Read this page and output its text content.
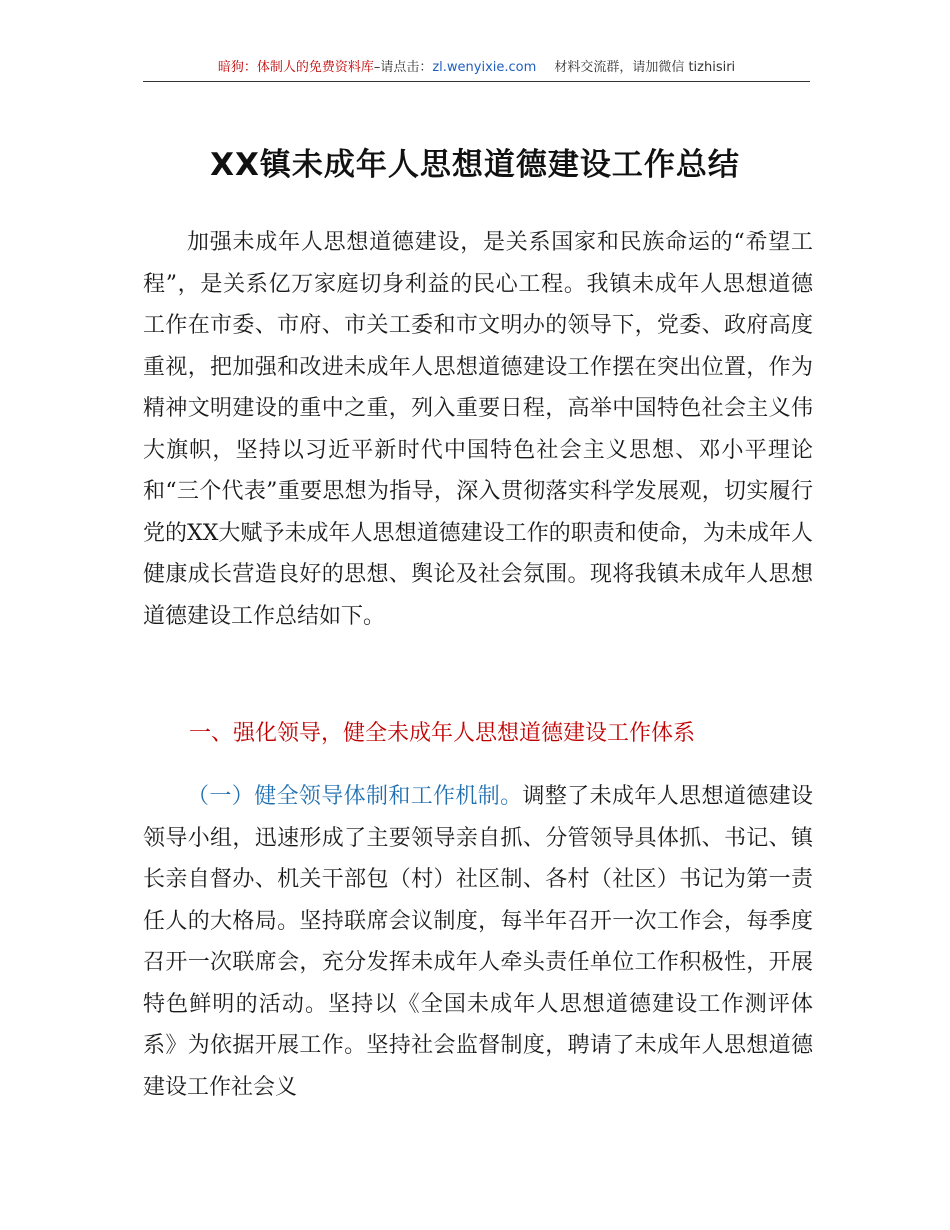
暗狗：体制人的免费资料库–请点击：zl.wenyixie.com 材料交流群，请加微信 tizhisiri
XX镇未成年人思想道德建设工作总结

加强未成年人思想道德建设，是关系国家和民族命运的“希望工程”，是关系亿万家庭切身利益的民心工程。我镇未成年人思想道德工作在市委、市府、市关工委和市文明办的领导下，党委、政府高度重视，把加强和改进未成年人思想道德建设工作摆在突出位置，作为精神文明建设的重中之重，列入重要日程，高举中国特色社会主义伟大旗帜，坚持以习近平新时代中国特色社会主义思想、邓小平理论和“三个代表”重要思想为指导，深入贯彻落实科学发展观，切实履行党的XX大赋予未成年人思想道德建设工作的职责和使命，为未成年人健康成长营造良好的思想、舆论及社会氛围。现将我镇未成年人思想道德建设工作总结如下。

一、强化领导，健全未成年人思想道德建设工作体系

（一）健全领导体制和工作机制。调整了未成年人思想道德建设领导小组，迅速形成了主要领导亲自抓、分管领导具体抓、书记、镇长亲自督办、机关干部包（村）社区制、各村（社区）书记为第一责任人的大格局。坚持联席会议制度，每半年召开一次工作会，每季度召开一次联席会，充分发挥未成年人牵头责任单位工作积极性，开展特色鲜明的活动。坚持以《全国未成年人思想道德建设工作测评体系》为依据开展工作。坚持社会监督制度，聘请了未成年人思想道德建设工作社会义
